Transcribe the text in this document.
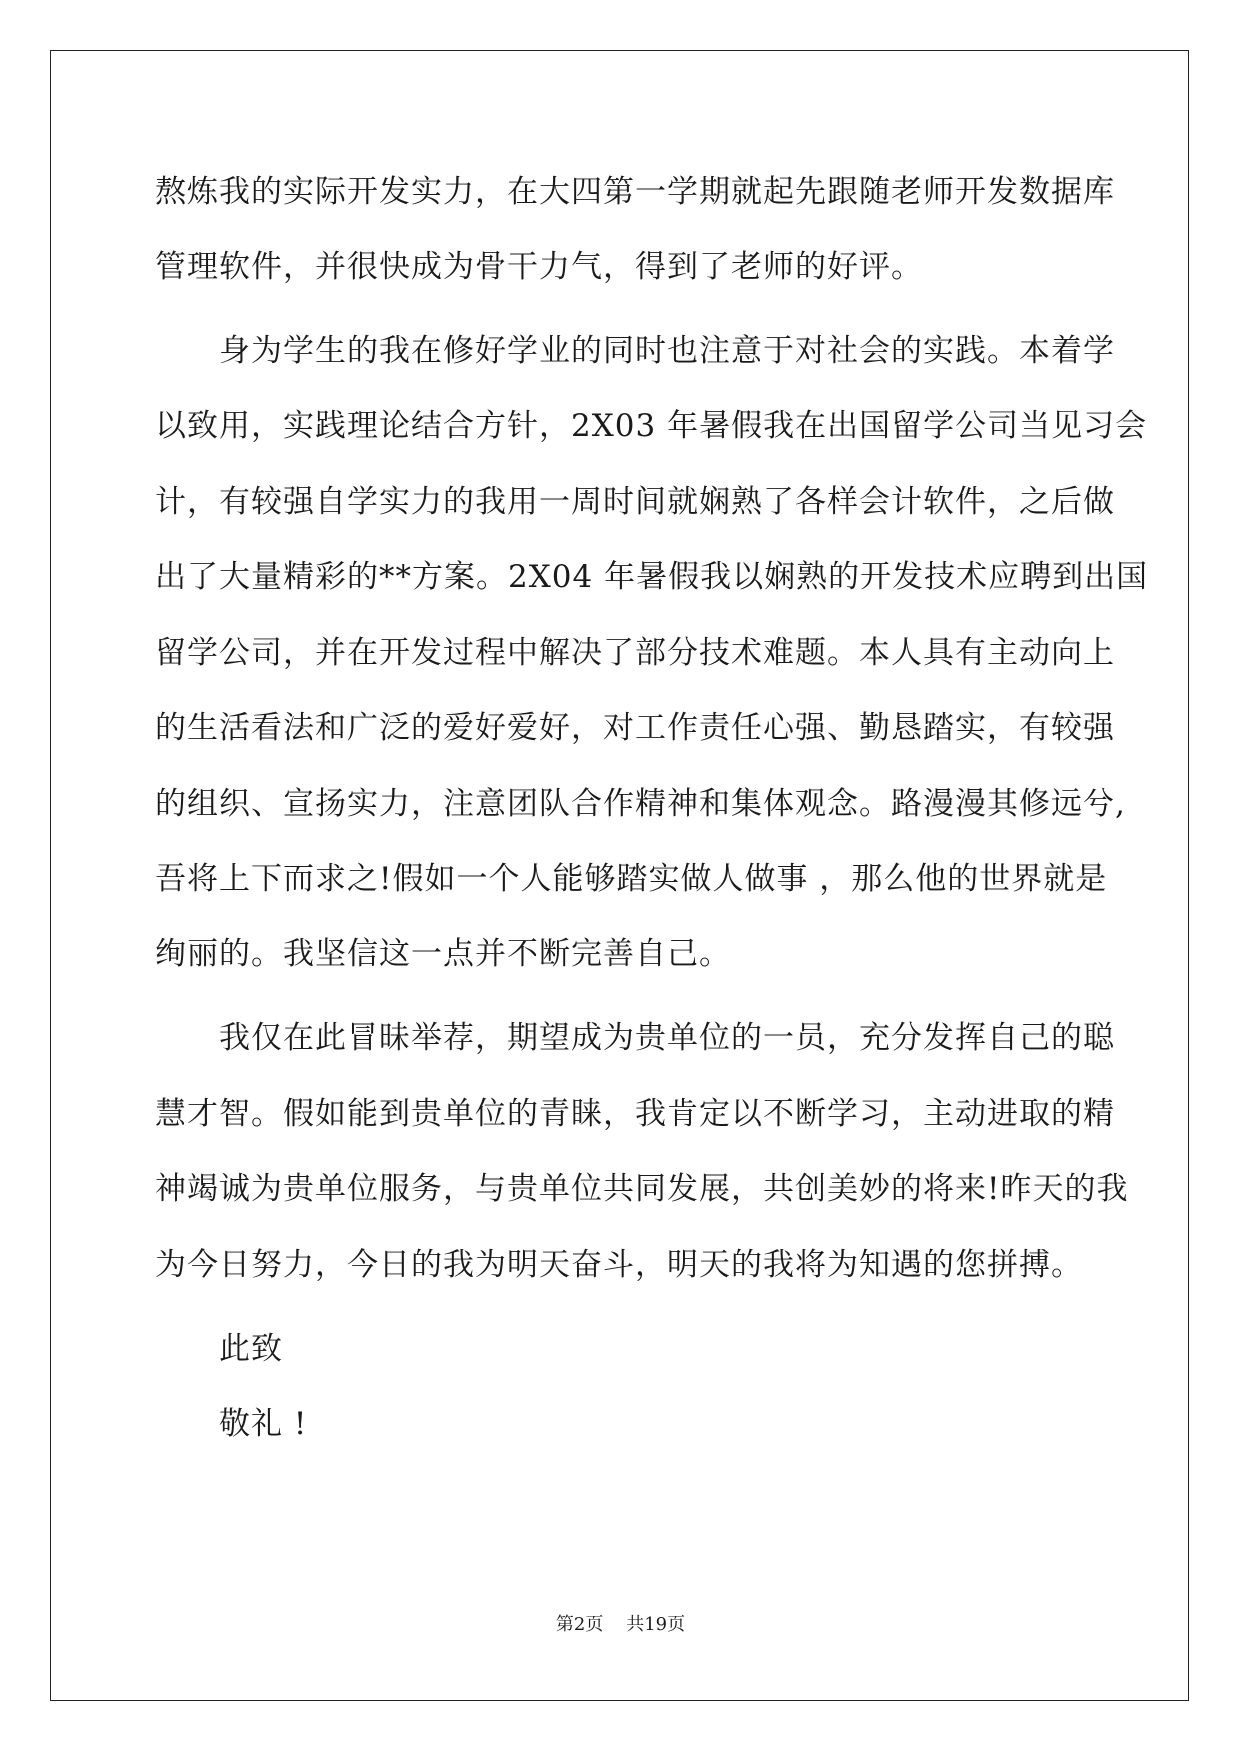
熬炼我的实际开发实力，在大四第一学期就起先跟随老师开发数据库
管理软件，并很快成为骨干力气，得到了老师的好评。
　　身为学生的我在修好学业的同时也注意于对社会的实践。本着学
以致用，实践理论结合方针，2X03 年暑假我在出国留学公司当见习会
计，有较强自学实力的我用一周时间就娴熟了各样会计软件，之后做
出了大量精彩的**方案。2X04 年暑假我以娴熟的开发技术应聘到出国
留学公司，并在开发过程中解决了部分技术难题。本人具有主动向上
的生活看法和广泛的爱好爱好，对工作责任心强、勤恳踏实，有较强
的组织、宣扬实力，注意团队合作精神和集体观念。路漫漫其修远兮,
吾将上下而求之!假如一个人能够踏实做人做事 ，那么他的世界就是
绚丽的。我坚信这一点并不断完善自己。
　　我仅在此冒昧举荐，期望成为贵单位的一员，充分发挥自己的聪
慧才智。假如能到贵单位的青睐，我肯定以不断学习，主动进取的精
神竭诚为贵单位服务，与贵单位共同发展，共创美妙的将来!昨天的我
为今日努力，今日的我为明天奋斗，明天的我将为知遇的您拼搏。
　　此致
　　敬礼 !
第2页 共19页
